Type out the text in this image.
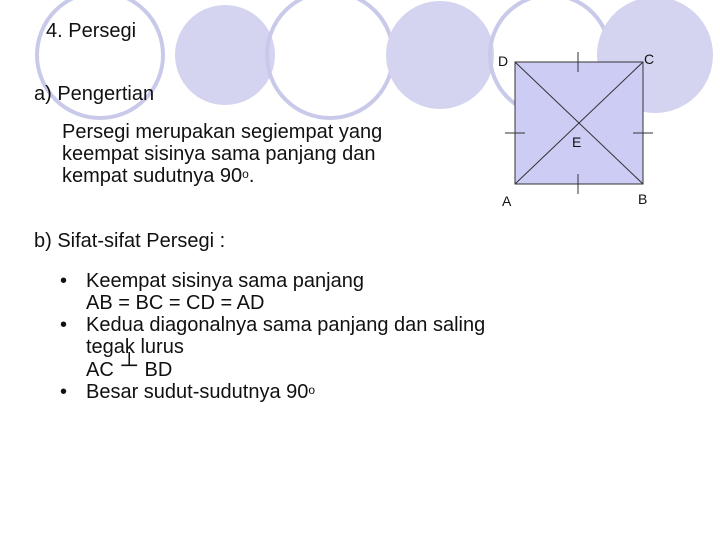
D	C
A	B
E
4. Persegi
a) Pengertian
Persegi merupakan segiempat yang
keempat sisinya sama panjang dan
kempat sudutnya 90$^o$.
b) Sifat-sifat Persegi :
• Keempat sisinya sama panjang
AB = BC = CD = AD
• Kedua diagonalnya sama panjang dan saling
tegak lurus
AC ┴ BD
• Besar sudut-sudutnya 90$^o$
